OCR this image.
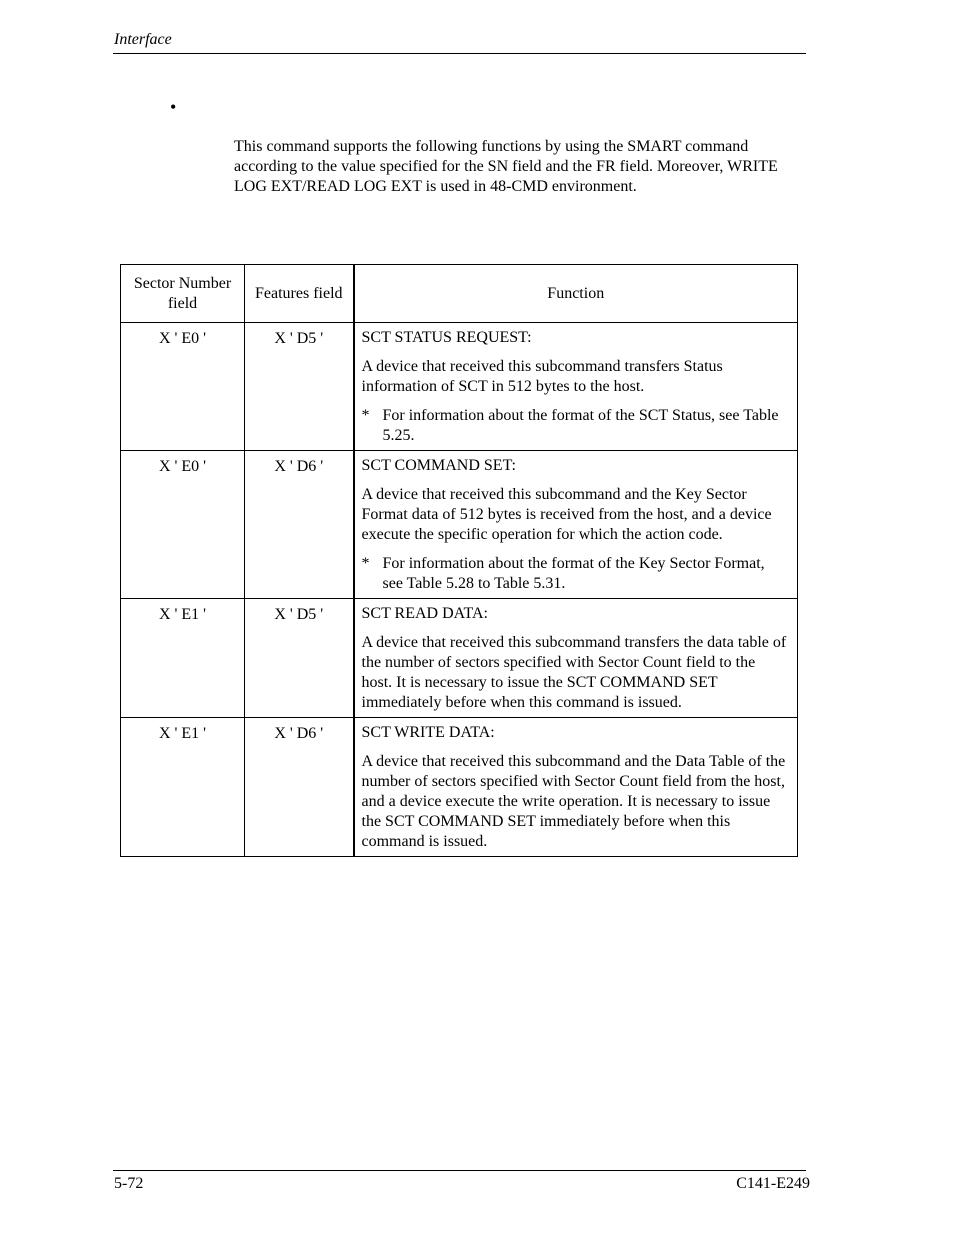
Interface
•
This command supports the following functions by using the SMART command according to the value specified for the SN field and the FR field. Moreover, WRITE LOG EXT/READ LOG EXT is used in 48-CMD environment.
Sector Number field	Features field	Function
X ' E0 '	X ' D5 '	SCT STATUS REQUEST:

A device that received this subcommand transfers Status information of SCT in 512 bytes to the host.

* For information about the format of the SCT Status, see Table 5.25.

X ' E0 '	X ' D6 '	SCT COMMAND SET:

A device that received this subcommand and the Key Sector Format data of 512 bytes is received from the host, and a device execute the specific operation for which the action code.

* For information about the format of the Key Sector Format, see Table 5.28 to Table 5.31.

X ' E1 '	X ' D5 '	SCT READ DATA:

A device that received this subcommand transfers the data table of the number of sectors specified with Sector Count field to the host. It is necessary to issue the SCT COMMAND SET immediately before when this command is issued.

X ' E1 '	X ' D6 '	SCT WRITE DATA:

A device that received this subcommand and the Data Table of the number of sectors specified with Sector Count field from the host, and a device execute the write operation. It is necessary to issue the SCT COMMAND SET immediately before when this command is issued.

5-72	C141-E249
